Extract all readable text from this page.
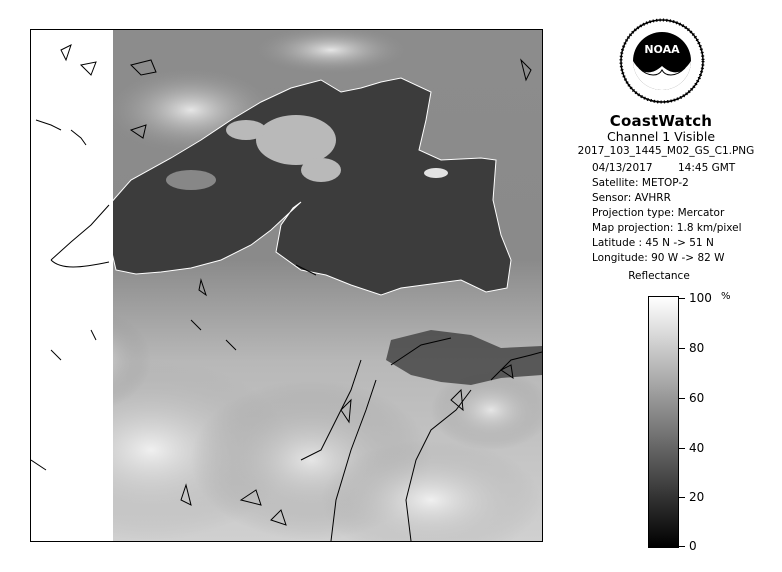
NOAA
CoastWatch
Channel 1 Visible
2017_103_1445_M02_GS_C1.PNG
04/13/2017 14:45 GMT
Satellite: METOP-2
Sensor: AVHRR
Projection type: Mercator
Map projection: 1.8 km/pixel
Latitude : 45 N -> 51 N
Longitude: 90 W -> 82 W
Reflectance
%
100
80
60
40
20
0
